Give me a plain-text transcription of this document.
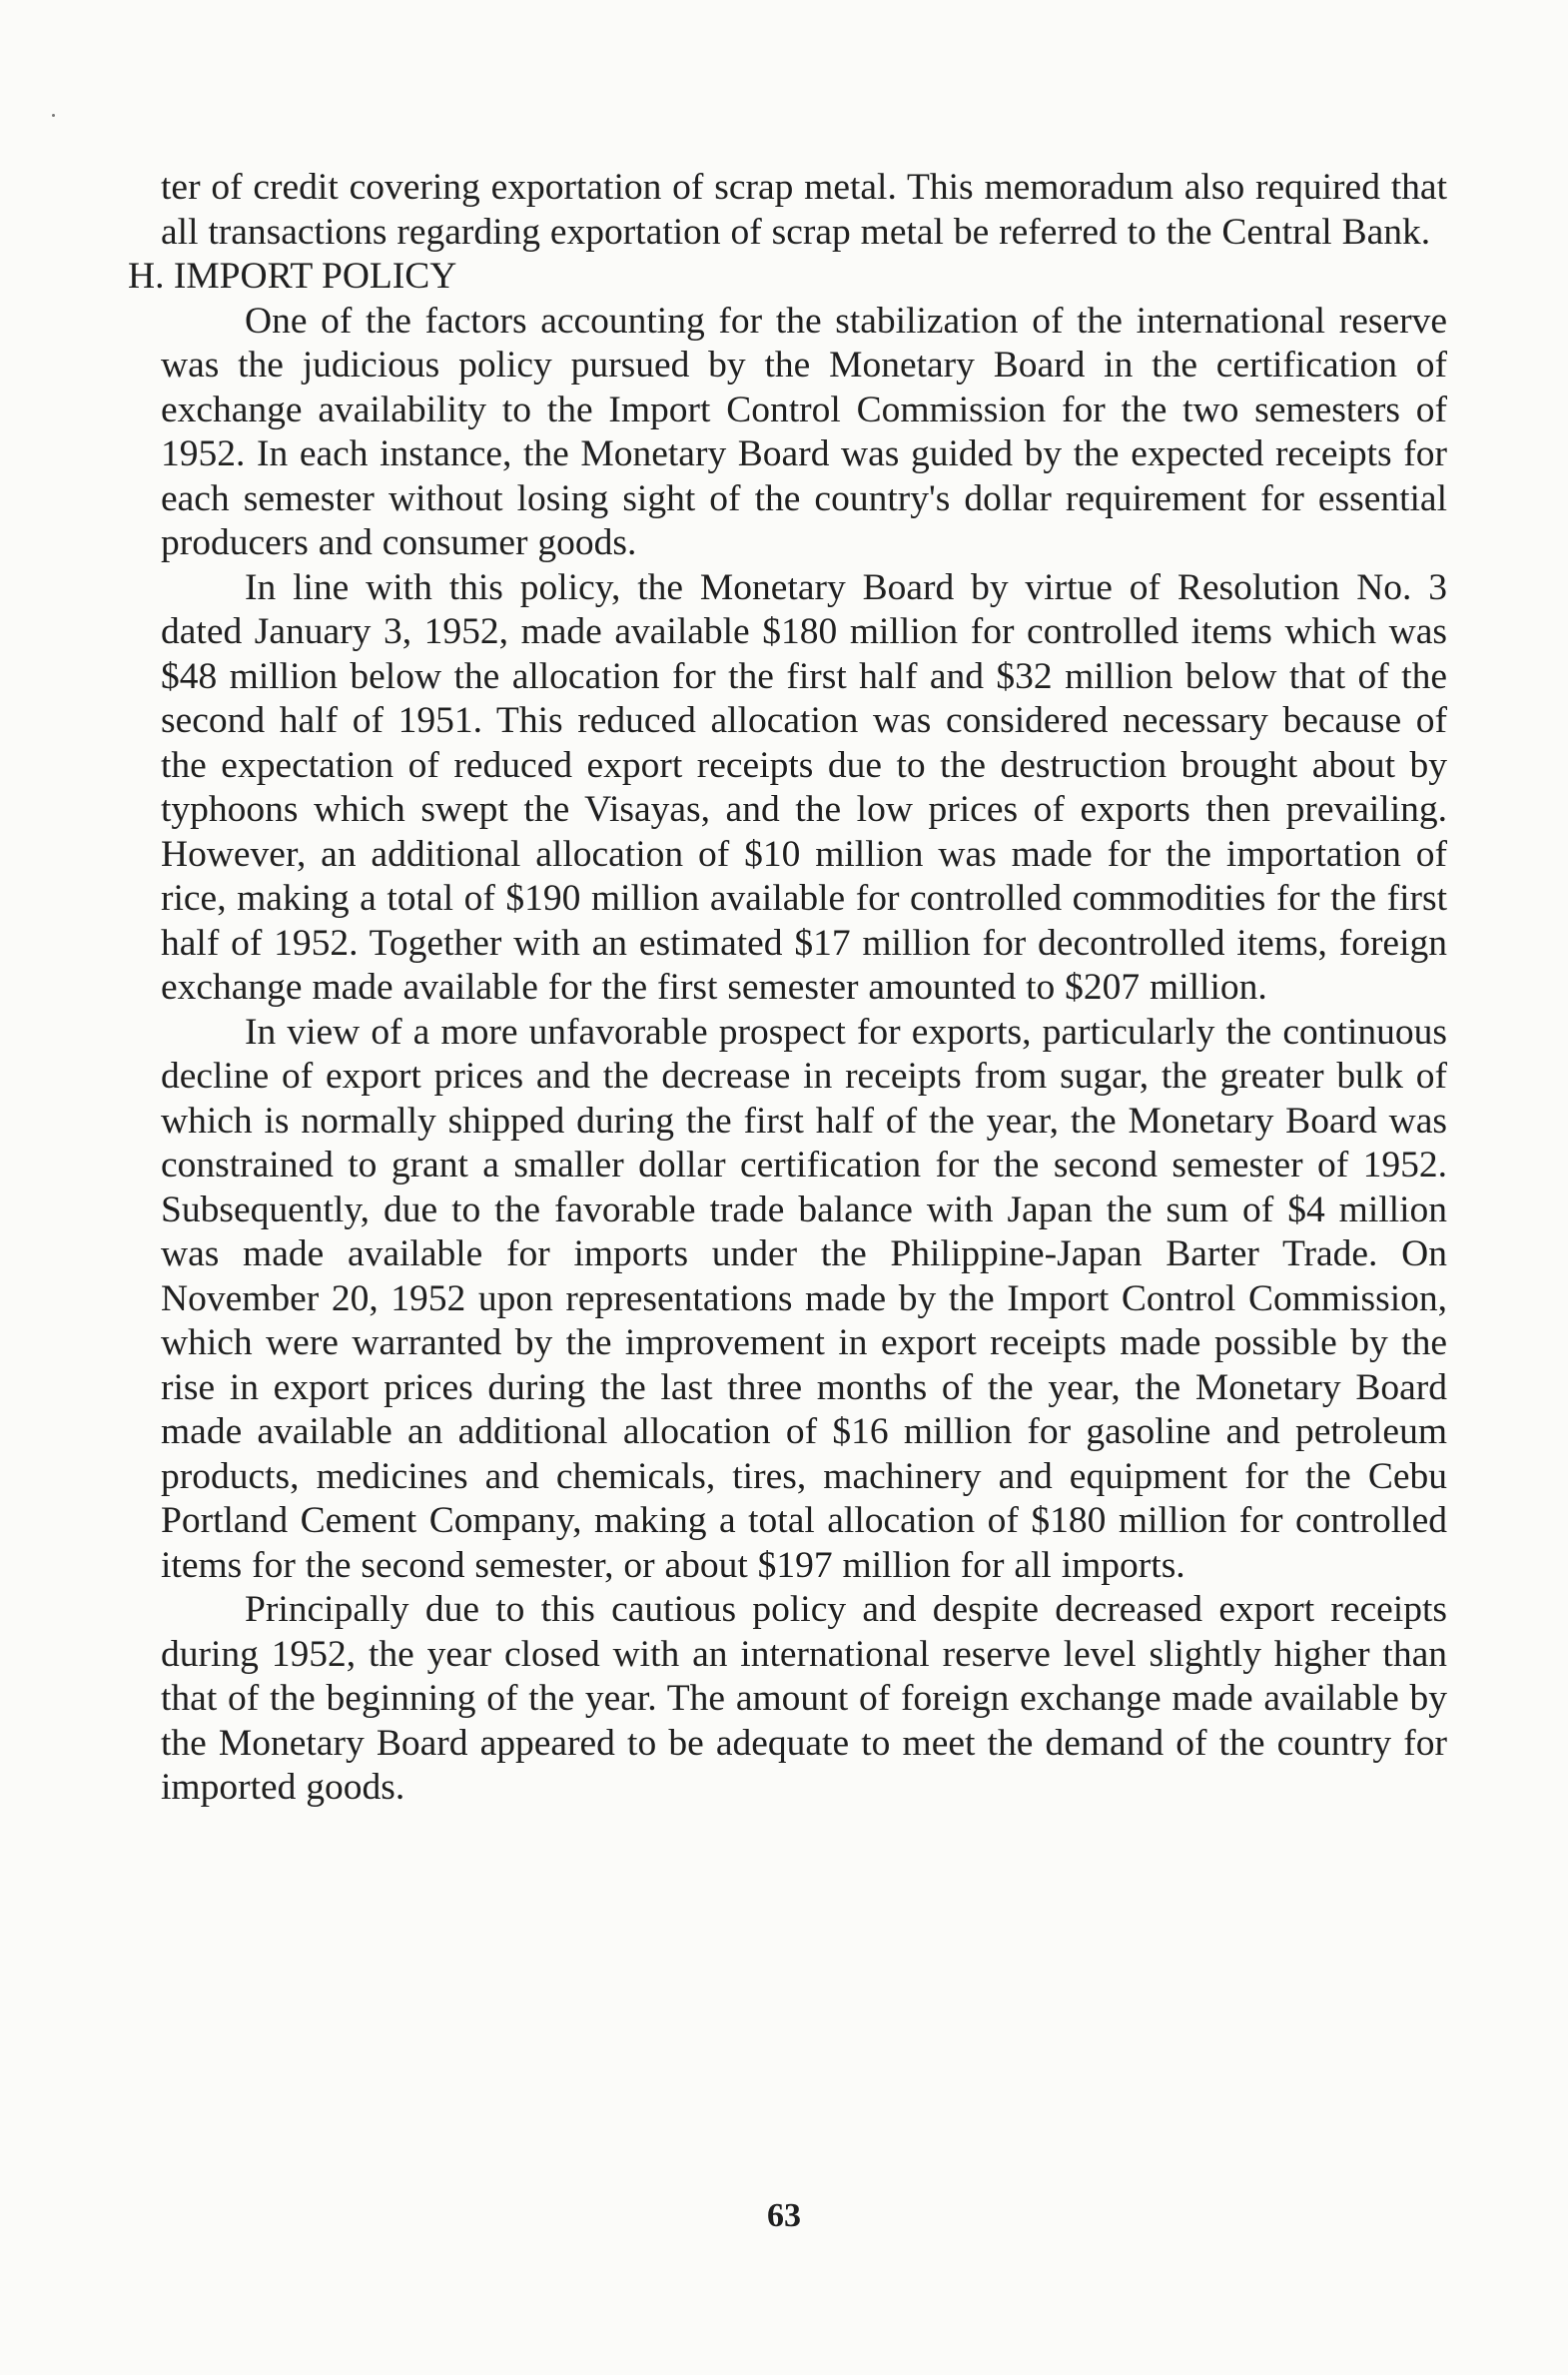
ter of credit covering exportation of scrap metal. This memoradum also required that all transactions regarding exportation of scrap metal be referred to the Central Bank.

H. IMPORT POLICY

One of the factors accounting for the stabilization of the international reserve was the judicious policy pursued by the Monetary Board in the certification of exchange availability to the Import Control Commission for the two semesters of 1952. In each instance, the Monetary Board was guided by the expected receipts for each semester without losing sight of the country's dollar requirement for essential producers and consumer goods.

In line with this policy, the Monetary Board by virtue of Resolution No. 3 dated January 3, 1952, made available $180 million for controlled items which was $48 million below the allocation for the first half and $32 million below that of the second half of 1951. This reduced allocation was considered necessary because of the expectation of reduced export receipts due to the destruction brought about by typhoons which swept the Visayas, and the low prices of exports then prevailing. However, an additional allocation of $10 million was made for the importation of rice, making a total of $190 million available for controlled commodities for the first half of 1952. Together with an estimated $17 million for decontrolled items, foreign exchange made available for the first semester amounted to $207 million.

In view of a more unfavorable prospect for exports, particularly the continuous decline of export prices and the decrease in receipts from sugar, the greater bulk of which is normally shipped during the first half of the year, the Monetary Board was constrained to grant a smaller dollar certification for the second semester of 1952. Subsequently, due to the favorable trade balance with Japan the sum of $4 million was made available for imports under the Philippine-Japan Barter Trade. On November 20, 1952 upon representations made by the Import Control Commission, which were warranted by the improvement in export receipts made possible by the rise in export prices during the last three months of the year, the Monetary Board made available an additional allocation of $16 million for gasoline and petroleum products, medicines and chemicals, tires, machinery and equipment for the Cebu Portland Cement Company, making a total allocation of $180 million for controlled items for the second semester, or about $197 million for all imports.

Principally due to this cautious policy and despite decreased export receipts during 1952, the year closed with an international reserve level slightly higher than that of the beginning of the year. The amount of foreign exchange made available by the Monetary Board appeared to be adequate to meet the demand of the country for imported goods.

63
